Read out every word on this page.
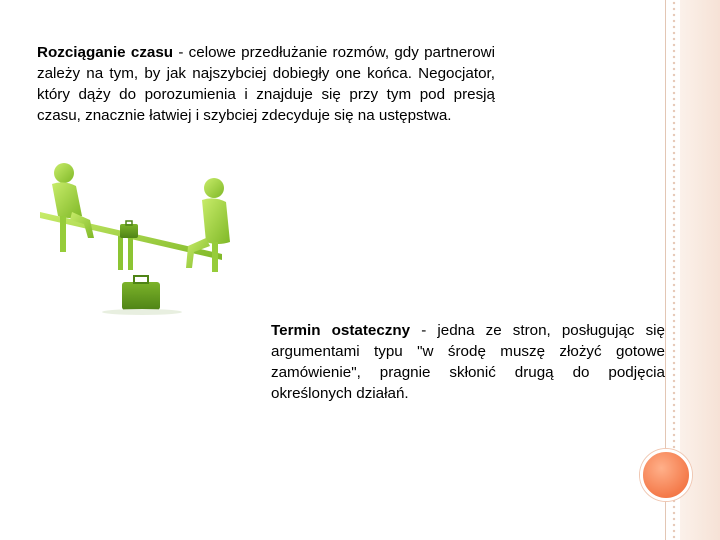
Rozciąganie czasu - celowe przedłużanie rozmów, gdy partnerowi zależy na tym, by jak najszybciej dobiegły one końca. Negocjator, który dąży do porozumienia i znajduje się przy tym pod presją czasu, znacznie łatwiej i szybciej zdecyduje się na ustępstwa.
Termin ostateczny - jedna ze stron, posługując się argumentami typu "w środę muszę złożyć gotowe zamówienie", pragnie skłonić drugą do podjęcia określonych działań.
